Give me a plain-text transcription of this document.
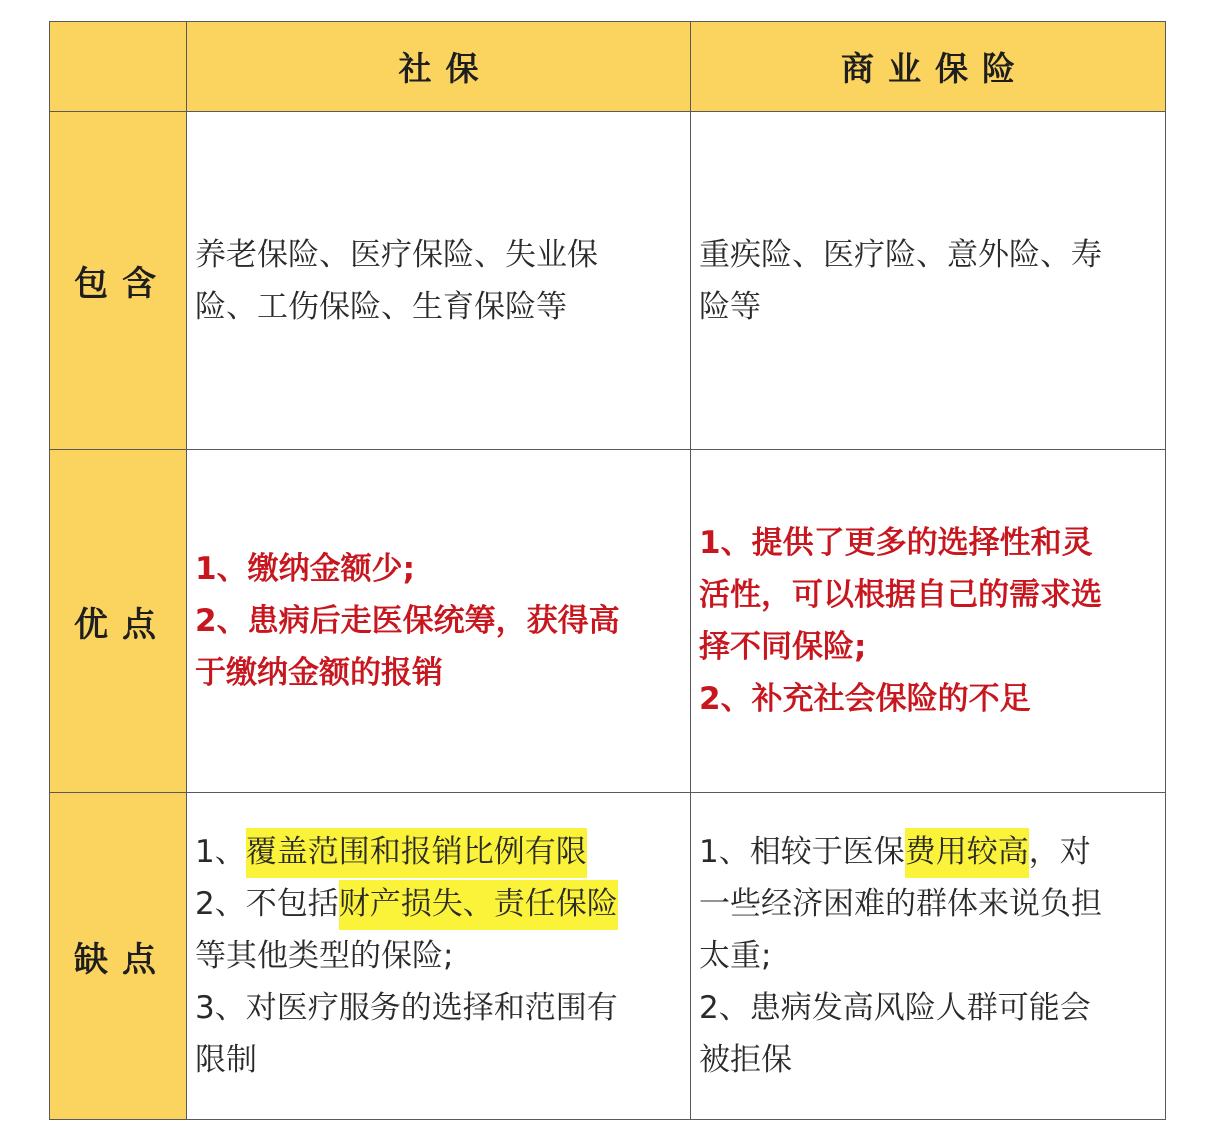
社保	商业保险
包含
养老保险、医疗保险、失业保
险、工伤保险、生育保险等
重疾险、医疗险、意外险、寿
险等
优点
1、缴纳金额少;
2、患病后走医保统筹，获得高
于缴纳金额的报销
1、提供了更多的选择性和灵
活性，可以根据自己的需求选
择不同保险;
2、补充社会保险的不足
缺点
1、覆盖范围和报销比例有限
2、不包括财产损失、责任保险
等其他类型的保险;
3、对医疗服务的选择和范围有
限制
1、相较于医保费用较高，对
一些经济困难的群体来说负担
太重;
2、患病发高风险人群可能会
被拒保
